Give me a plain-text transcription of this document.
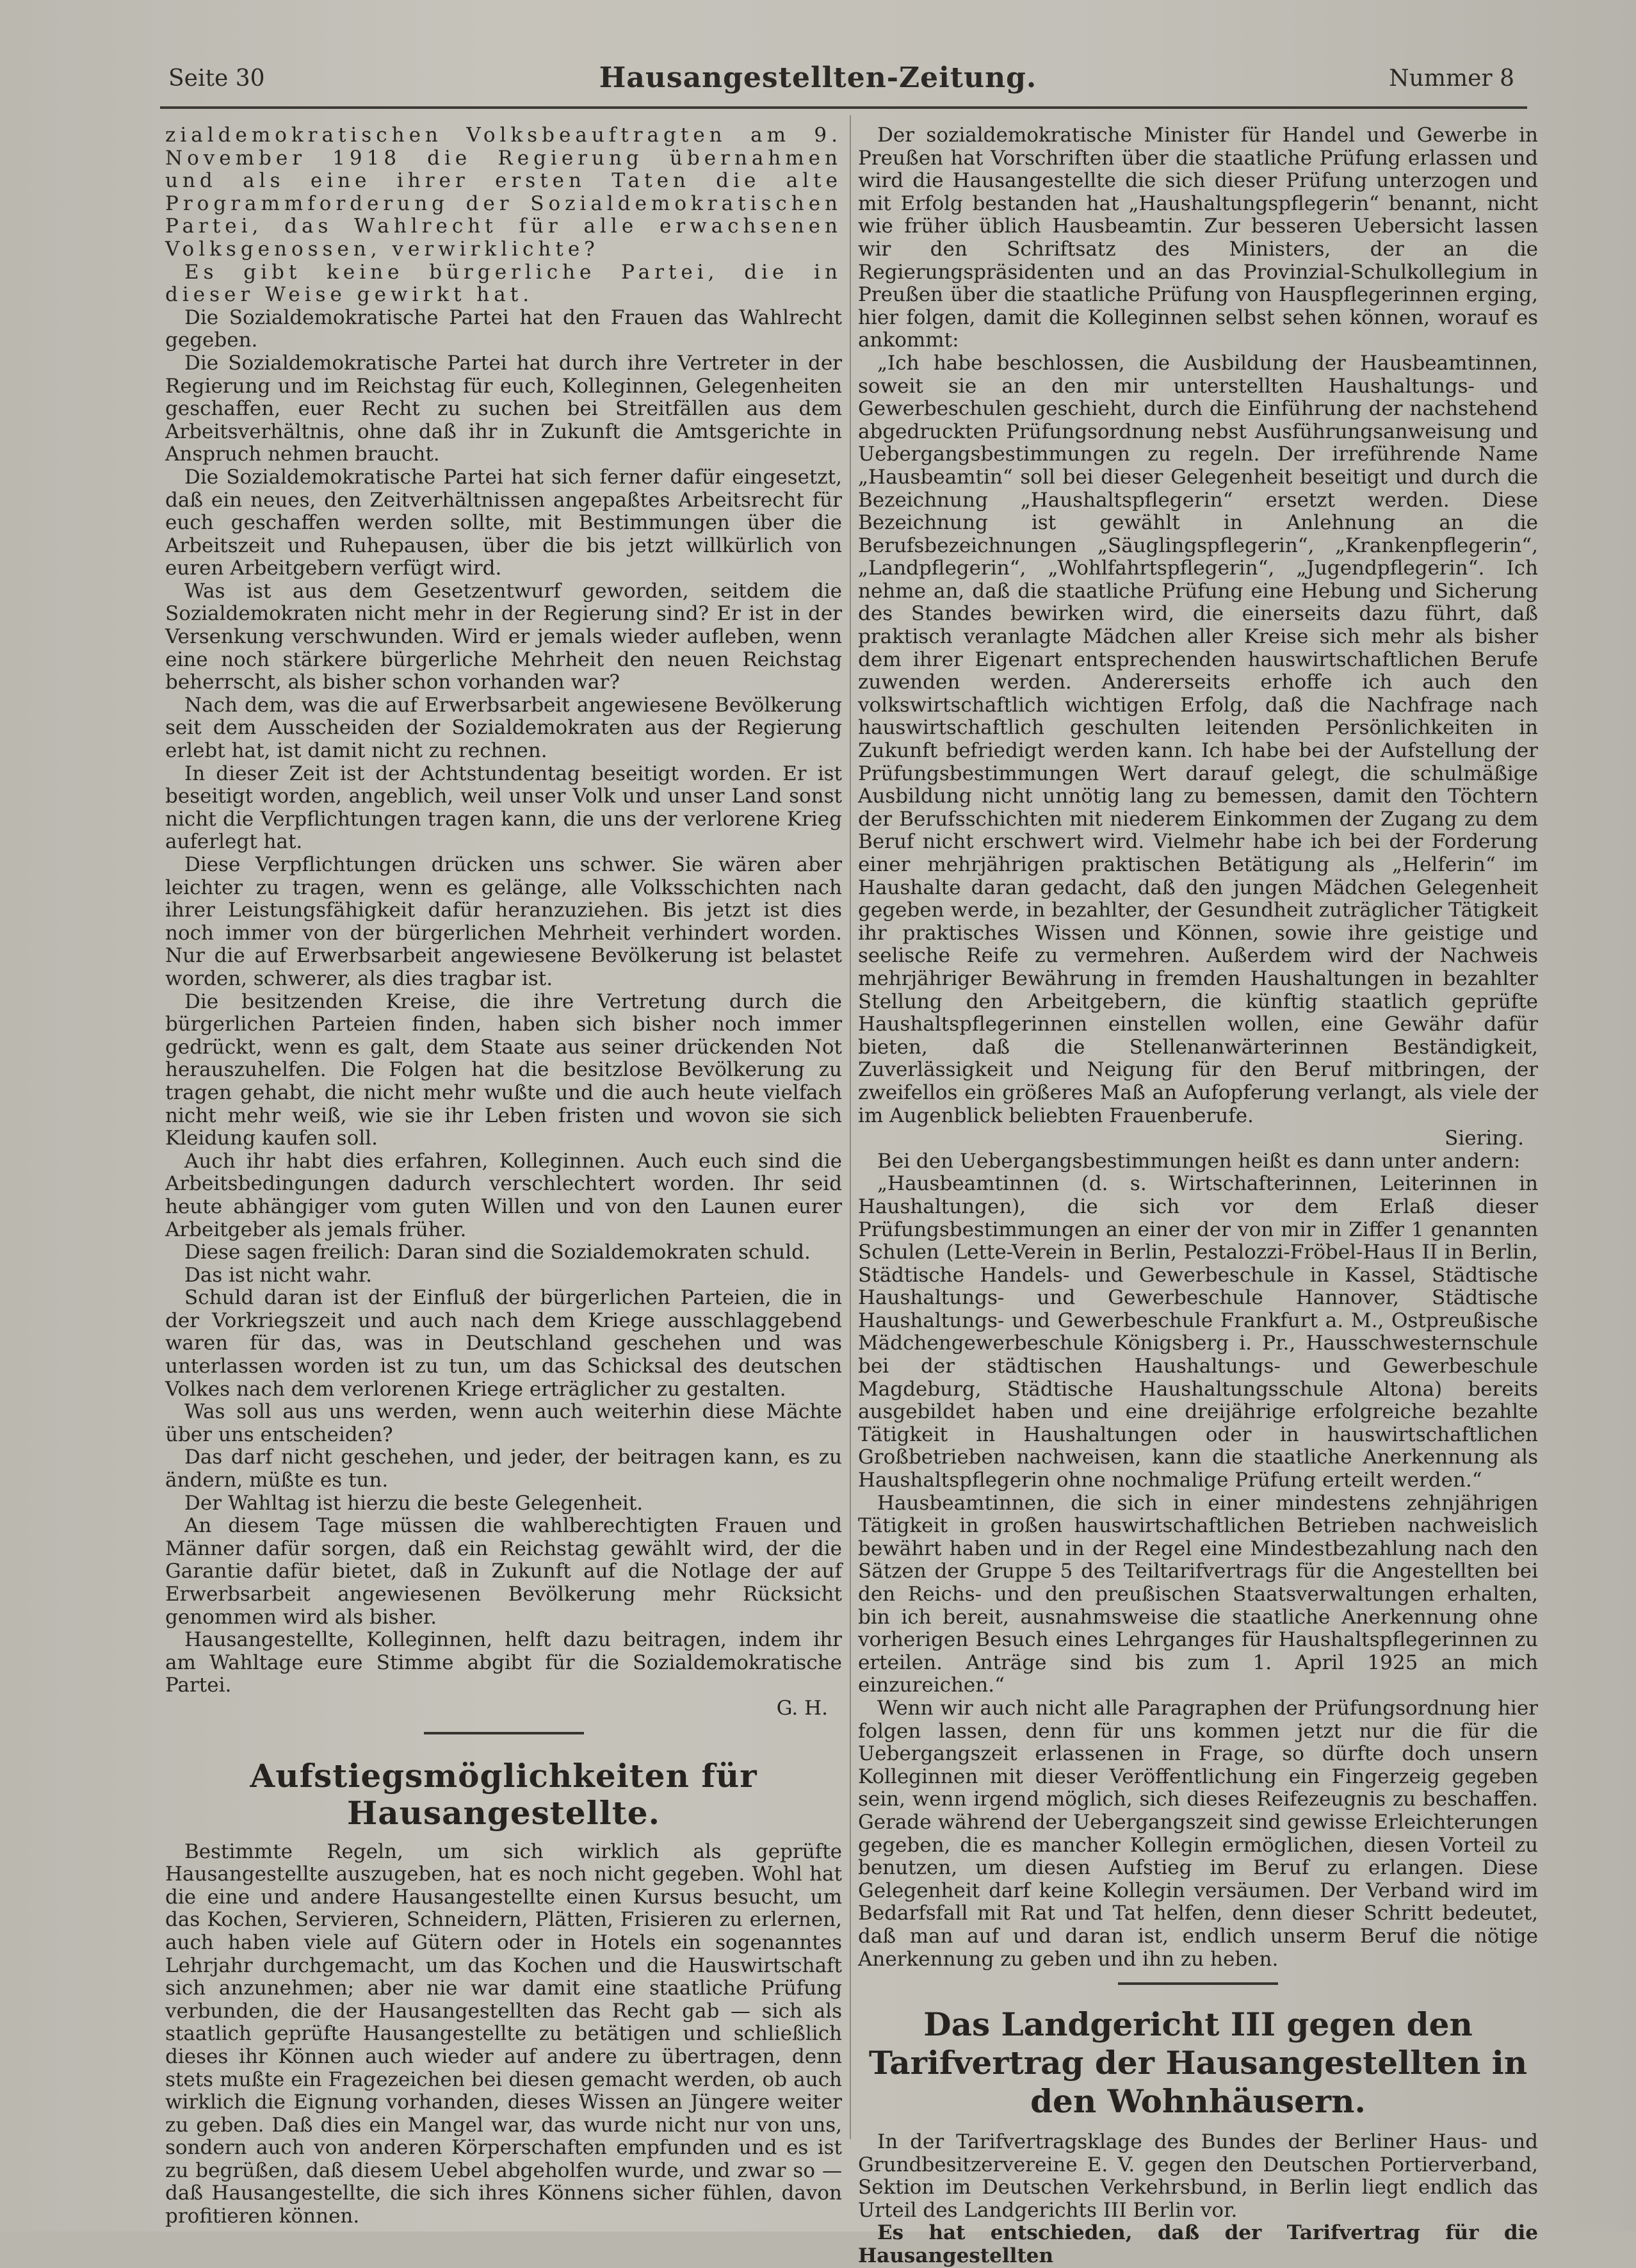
Seite 30	Hausangestellten-Zeitung.	Nummer 8

zialdemokratischen Volksbeauftragten am 9. November 1918 die Regierung übernahmen und als eine ihrer ersten Taten die alte Programmforderung der Sozialdemokratischen Partei, das Wahlrecht für alle erwachsenen Volksgenossen, verwirklichte?

Es gibt keine bürgerliche Partei, die in dieser Weise gewirkt hat.

Die Sozialdemokratische Partei hat den Frauen das Wahlrecht gegeben.

Die Sozialdemokratische Partei hat durch ihre Vertreter in der Regierung und im Reichstag für euch, Kolleginnen, Gelegenheiten geschaffen, euer Recht zu suchen bei Streitfällen aus dem Arbeitsverhältnis, ohne daß ihr in Zukunft die Amtsgerichte in Anspruch nehmen braucht.

Die Sozialdemokratische Partei hat sich ferner dafür eingesetzt, daß ein neues, den Zeitverhältnissen angepaßtes Arbeitsrecht für euch geschaffen werden sollte, mit Bestimmungen über die Arbeitszeit und Ruhepausen, über die bis jetzt willkürlich von euren Arbeitgebern verfügt wird.

Was ist aus dem Gesetzentwurf geworden, seitdem die Sozialdemokraten nicht mehr in der Regierung sind? Er ist in der Versenkung verschwunden. Wird er jemals wieder aufleben, wenn eine noch stärkere bürgerliche Mehrheit den neuen Reichstag beherrscht, als bisher schon vorhanden war?

Nach dem, was die auf Erwerbsarbeit angewiesene Bevölkerung seit dem Ausscheiden der Sozialdemokraten aus der Regierung erlebt hat, ist damit nicht zu rechnen.

In dieser Zeit ist der Achtstundentag beseitigt worden. Er ist beseitigt worden, angeblich, weil unser Volk und unser Land sonst nicht die Verpflichtungen tragen kann, die uns der verlorene Krieg auferlegt hat.

Diese Verpflichtungen drücken uns schwer. Sie wären aber leichter zu tragen, wenn es gelänge, alle Volksschichten nach ihrer Leistungsfähigkeit dafür heranzuziehen. Bis jetzt ist dies noch immer von der bürgerlichen Mehrheit verhindert worden. Nur die auf Erwerbsarbeit angewiesene Bevölkerung ist belastet worden, schwerer, als dies tragbar ist.

Die besitzenden Kreise, die ihre Vertretung durch die bürgerlichen Parteien finden, haben sich bisher noch immer gedrückt, wenn es galt, dem Staate aus seiner drückenden Not herauszuhelfen. Die Folgen hat die besitzlose Bevölkerung zu tragen gehabt, die nicht mehr wußte und die auch heute vielfach nicht mehr weiß, wie sie ihr Leben fristen und wovon sie sich Kleidung kaufen soll.

Auch ihr habt dies erfahren, Kolleginnen. Auch euch sind die Arbeitsbedingungen dadurch verschlechtert worden. Ihr seid heute abhängiger vom guten Willen und von den Launen eurer Arbeitgeber als jemals früher.

Diese sagen freilich: Daran sind die Sozialdemokraten schuld.

Das ist nicht wahr.

Schuld daran ist der Einfluß der bürgerlichen Parteien, die in der Vorkriegszeit und auch nach dem Kriege ausschlaggebend waren für das, was in Deutschland geschehen und was unterlassen worden ist zu tun, um das Schicksal des deutschen Volkes nach dem verlorenen Kriege erträglicher zu gestalten.

Was soll aus uns werden, wenn auch weiterhin diese Mächte über uns entscheiden?

Das darf nicht geschehen, und jeder, der beitragen kann, es zu ändern, müßte es tun.

Der Wahltag ist hierzu die beste Gelegenheit.

An diesem Tage müssen die wahlberechtigten Frauen und Männer dafür sorgen, daß ein Reichstag gewählt wird, der die Garantie dafür bietet, daß in Zukunft auf die Notlage der auf Erwerbsarbeit angewiesenen Bevölkerung mehr Rücksicht genommen wird als bisher.

Hausangestellte, Kolleginnen, helft dazu beitragen, indem ihr am Wahltage eure Stimme abgibt für die Sozialdemokratische Partei.

G. H.

Aufstiegsmöglichkeiten für Hausangestellte.

Bestimmte Regeln, um sich wirklich als geprüfte Hausangestellte auszugeben, hat es noch nicht gegeben. Wohl hat die eine und andere Hausangestellte einen Kursus besucht, um das Kochen, Servieren, Schneidern, Plätten, Frisieren zu erlernen, auch haben viele auf Gütern oder in Hotels ein sogenanntes Lehrjahr durchgemacht, um das Kochen und die Hauswirtschaft sich anzunehmen; aber nie war damit eine staatliche Prüfung verbunden, die der Hausangestellten das Recht gab — sich als staatlich geprüfte Hausangestellte zu betätigen und schließlich dieses ihr Können auch wieder auf andere zu übertragen, denn stets mußte ein Fragezeichen bei diesen gemacht werden, ob auch wirklich die Eignung vorhanden, dieses Wissen an Jüngere weiter zu geben. Daß dies ein Mangel war, das wurde nicht nur von uns, sondern auch von anderen Körperschaften empfunden und es ist zu begrüßen, daß diesem Uebel abgeholfen wurde, und zwar so — daß Hausangestellte, die sich ihres Könnens sicher fühlen, davon profitieren können.

Der sozialdemokratische Minister für Handel und Gewerbe in Preußen hat Vorschriften über die staatliche Prüfung erlassen und wird die Hausangestellte die sich dieser Prüfung unterzogen und mit Erfolg bestanden hat „Haushaltungspflegerin“ benannt, nicht wie früher üblich Hausbeamtin. Zur besseren Uebersicht lassen wir den Schriftsatz des Ministers, der an die Regierungspräsidenten und an das Provinzial-Schulkollegium in Preußen über die staatliche Prüfung von Hauspflegerinnen erging, hier folgen, damit die Kolleginnen selbst sehen können, worauf es ankommt:

„Ich habe beschlossen, die Ausbildung der Hausbeamtinnen, soweit sie an den mir unterstellten Haushaltungs- und Gewerbeschulen geschieht, durch die Einführung der nachstehend abgedruckten Prüfungsordnung nebst Ausführungsanweisung und Uebergangsbestimmungen zu regeln. Der irreführende Name „Hausbeamtin“ soll bei dieser Gelegenheit beseitigt und durch die Bezeichnung „Haushaltspflegerin“ ersetzt werden. Diese Bezeichnung ist gewählt in Anlehnung an die Berufsbezeichnungen „Säuglingspflegerin“, „Krankenpflegerin“, „Landpflegerin“, „Wohlfahrtspflegerin“, „Jugendpflegerin“. Ich nehme an, daß die staatliche Prüfung eine Hebung und Sicherung des Standes bewirken wird, die einerseits dazu führt, daß praktisch veranlagte Mädchen aller Kreise sich mehr als bisher dem ihrer Eigenart entsprechenden hauswirtschaftlichen Berufe zuwenden werden. Andererseits erhoffe ich auch den volkswirtschaftlich wichtigen Erfolg, daß die Nachfrage nach hauswirtschaftlich geschulten leitenden Persönlichkeiten in Zukunft befriedigt werden kann. Ich habe bei der Aufstellung der Prüfungsbestimmungen Wert darauf gelegt, die schulmäßige Ausbildung nicht unnötig lang zu bemessen, damit den Töchtern der Berufsschichten mit niederem Einkommen der Zugang zu dem Beruf nicht erschwert wird. Vielmehr habe ich bei der Forderung einer mehrjährigen praktischen Betätigung als „Helferin“ im Haushalte daran gedacht, daß den jungen Mädchen Gelegenheit gegeben werde, in bezahlter, der Gesundheit zuträglicher Tätigkeit ihr praktisches Wissen und Können, sowie ihre geistige und seelische Reife zu vermehren. Außerdem wird der Nachweis mehrjähriger Bewährung in fremden Haushaltungen in bezahlter Stellung den Arbeitgebern, die künftig staatlich geprüfte Haushaltspflegerinnen einstellen wollen, eine Gewähr dafür bieten, daß die Stellenanwärterinnen Beständigkeit, Zuverlässigkeit und Neigung für den Beruf mitbringen, der zweifellos ein größeres Maß an Aufopferung verlangt, als viele der im Augenblick beliebten Frauenberufe.

Siering.

Bei den Uebergangsbestimmungen heißt es dann unter andern:

„Hausbeamtinnen (d. s. Wirtschafterinnen, Leiterinnen in Haushaltungen), die sich vor dem Erlaß dieser Prüfungsbestimmungen an einer der von mir in Ziffer 1 genannten Schulen (Lette-Verein in Berlin, Pestalozzi-Fröbel-Haus II in Berlin, Städtische Handels- und Gewerbeschule in Kassel, Städtische Haushaltungs- und Gewerbeschule Hannover, Städtische Haushaltungs- und Gewerbeschule Frankfurt a. M., Ostpreußische Mädchengewerbeschule Königsberg i. Pr., Hausschwesternschule bei der städtischen Haushaltungs- und Gewerbeschule Magdeburg, Städtische Haushaltungsschule Altona) bereits ausgebildet haben und eine dreijährige erfolgreiche bezahlte Tätigkeit in Haushaltungen oder in hauswirtschaftlichen Großbetrieben nachweisen, kann die staatliche Anerkennung als Haushaltspflegerin ohne nochmalige Prüfung erteilt werden.“

Hausbeamtinnen, die sich in einer mindestens zehnjährigen Tätigkeit in großen hauswirtschaftlichen Betrieben nachweislich bewährt haben und in der Regel eine Mindestbezahlung nach den Sätzen der Gruppe 5 des Teiltarifvertrags für die Angestellten bei den Reichs- und den preußischen Staatsverwaltungen erhalten, bin ich bereit, ausnahmsweise die staatliche Anerkennung ohne vorherigen Besuch eines Lehrganges für Haushaltspflegerinnen zu erteilen. Anträge sind bis zum 1. April 1925 an mich einzureichen.“

Wenn wir auch nicht alle Paragraphen der Prüfungsordnung hier folgen lassen, denn für uns kommen jetzt nur die für die Uebergangszeit erlassenen in Frage, so dürfte doch unsern Kolleginnen mit dieser Veröffentlichung ein Fingerzeig gegeben sein, wenn irgend möglich, sich dieses Reifezeugnis zu beschaffen. Gerade während der Uebergangszeit sind gewisse Erleichterungen gegeben, die es mancher Kollegin ermöglichen, diesen Vorteil zu benutzen, um diesen Aufstieg im Beruf zu erlangen. Diese Gelegenheit darf keine Kollegin versäumen. Der Verband wird im Bedarfsfall mit Rat und Tat helfen, denn dieser Schritt bedeutet, daß man auf und daran ist, endlich unserm Beruf die nötige Anerkennung zu geben und ihn zu heben.

Das Landgericht III gegen den Tarifvertrag der Hausangestellten in den Wohnhäusern.

In der Tarifvertragsklage des Bundes der Berliner Haus- und Grundbesitzervereine E. V. gegen den Deutschen Portierverband, Sektion im Deutschen Verkehrsbund, in Berlin liegt endlich das Urteil des Landgerichts III Berlin vor.

Es hat entschieden, daß der Tarifvertrag für die Hausangestellten
